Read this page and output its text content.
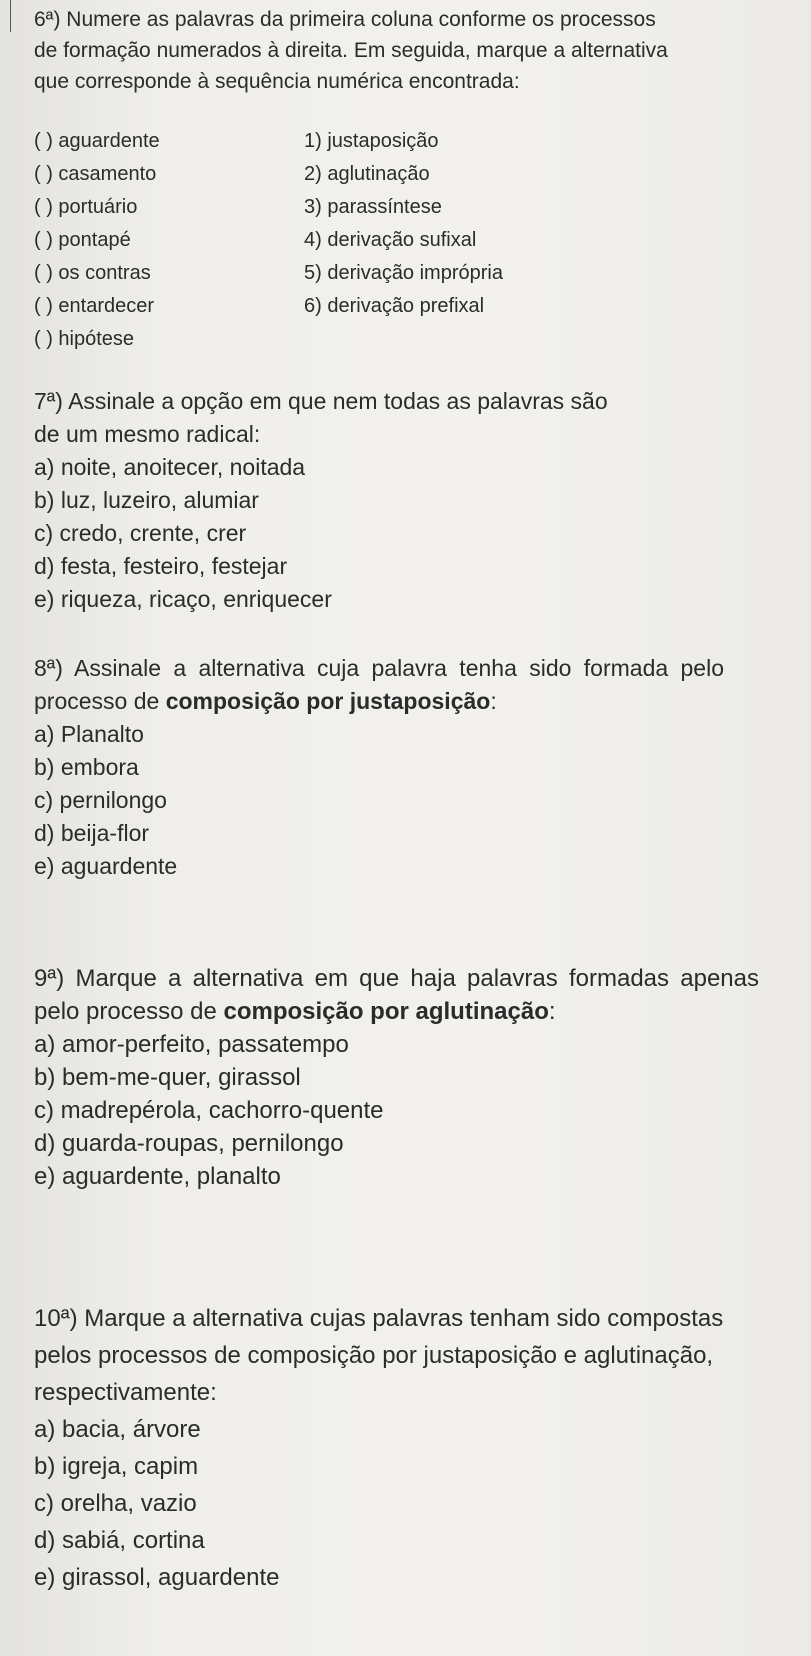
6ª) Numere as palavras da primeira coluna conforme os processos de formação numerados à direita. Em seguida, marque a alternativa que corresponde à sequência numérica encontrada:
( ) aguardente	1) justaposição
( ) casamento	2) aglutinação
( ) portuário	3) parassíntese
( ) pontapé	4) derivação sufixal
( ) os contras	5) derivação imprópria
( ) entardecer	6) derivação prefixal
( ) hipótese
7ª) Assinale a opção em que nem todas as palavras são de um mesmo radical:
a) noite, anoitecer, noitada
b) luz, luzeiro, alumiar
c) credo, crente, crer
d) festa, festeiro, festejar
e) riqueza, ricaço, enriquecer
8ª) Assinale a alternativa cuja palavra tenha sido formada pelo processo de composição por justaposição:
a) Planalto
b) embora
c) pernilongo
d) beija-flor
e) aguardente
9ª) Marque a alternativa em que haja palavras formadas apenas pelo processo de composição por aglutinação:
a) amor-perfeito, passatempo
b) bem-me-quer, girassol
c) madrepérola, cachorro-quente
d) guarda-roupas, pernilongo
e) aguardente, planalto
10ª) Marque a alternativa cujas palavras tenham sido compostas pelos processos de composição por justaposição e aglutinação, respectivamente:
a) bacia, árvore
b) igreja, capim
c) orelha, vazio
d) sabiá, cortina
e) girassol, aguardente
